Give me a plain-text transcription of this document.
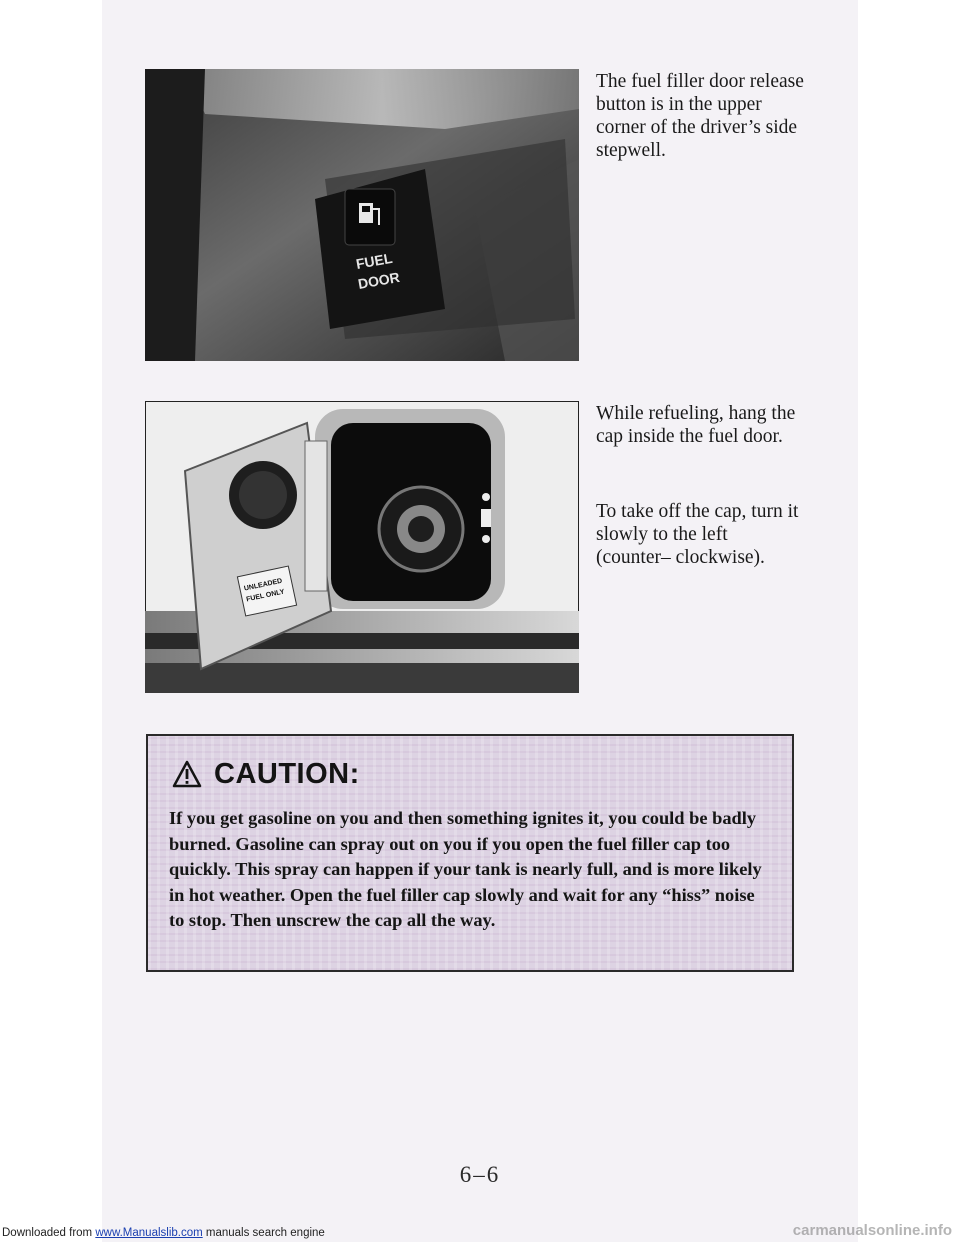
FUEL
DOOR

The fuel filler door release button is in the upper corner of the driver’s side stepwell.

UNLEADED
FUEL ONLY

While refueling, hang the cap inside the fuel door.

To take off the cap, turn it slowly to the left (counter– clockwise).

CAUTION:

If you get gasoline on you and then something ignites it, you could be badly burned. Gasoline can spray out on you if you open the fuel filler cap too quickly. This spray can happen if your tank is nearly full, and is more likely in hot weather. Open the fuel filler cap slowly and wait for any “hiss” noise to stop. Then unscrew the cap all the way.

6–6
Downloaded from www.Manualslib.com manuals search engine	carmanualsonline.info
